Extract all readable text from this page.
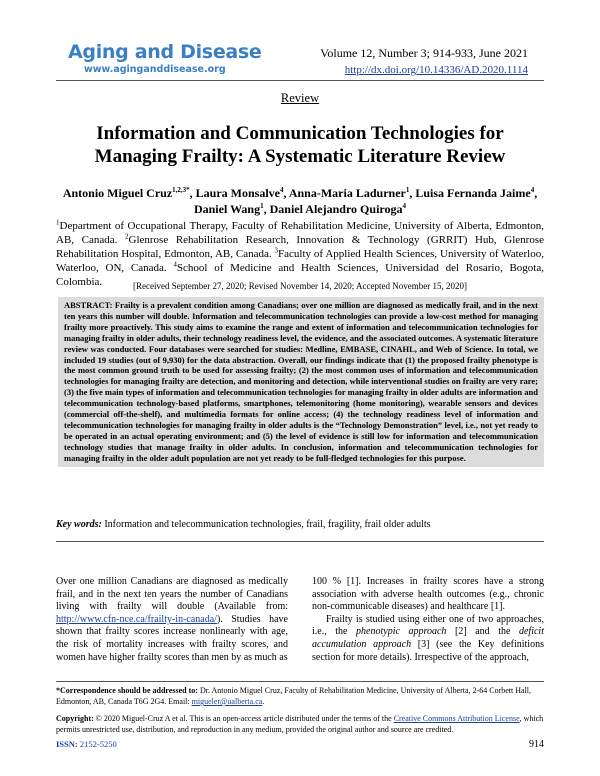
Aging and Disease
www.aginganddisease.org
Volume 12, Number 3; 914-933, June 2021
http://dx.doi.org/10.14336/AD.2020.1114
Review
Information and Communication Technologies for Managing Frailty: A Systematic Literature Review
Antonio Miguel Cruz$^{1,2,3*}$, Laura Monsalve$^4$, Anna-Maria Ladurner$^1$, Luisa Fernanda Jaime$^4$, Daniel Wang$^1$, Daniel Alejandro Quiroga$^4$
$^1$Department of Occupational Therapy, Faculty of Rehabilitation Medicine, University of Alberta, Edmonton, AB, Canada. $^2$Glenrose Rehabilitation Research, Innovation & Technology (GRRIT) Hub, Glenrose Rehabilitation Hospital, Edmonton, AB, Canada. $^3$Faculty of Applied Health Sciences, University of Waterloo, Waterloo, ON, Canada. $^4$School of Medicine and Health Sciences, Universidad del Rosario, Bogota, Colombia.	[Received September 27, 2020; Revised November 14, 2020; Accepted November 15, 2020]
ABSTRACT: Frailty is a prevalent condition among Canadians; over one million are diagnosed as medically frail, and in the next ten years this number will double. Information and telecommunication technologies can provide a low-cost method for managing frailty more proactively. This study aims to examine the range and extent of information and telecommunication technologies for managing frailty in older adults, their technology readiness level, the evidence, and the associated outcomes. A systematic literature review was conducted. Four databases were searched for studies: Medline, EMBASE, CINAHL, and Web of Science. In total, we included 19 studies (out of 9,930) for the data abstraction. Overall, our findings indicate that (1) the proposed frailty phenotype is the most common ground truth to be used for assessing frailty; (2) the most common uses of information and telecommunication technologies for managing frailty are detection, and monitoring and detection, while interventional studies on frailty are very rare; (3) the five main types of information and telecommunication technologies for managing frailty in older adults are information and telecommunication technology-based platforms, smartphones, telemonitoring (home monitoring), wearable sensors and devices (commercial off-the-shelf), and multimedia formats for online access; (4) the technology readiness level of information and telecommunication technologies for managing frailty in older adults is the “Technology Demonstration” level, i.e., not yet ready to be operated in an actual operating environment; and (5) the level of evidence is still low for information and telecommunication technology studies that manage frailty in older adults. In conclusion, information and telecommunication technologies for managing frailty in the older adult population are not yet ready to be full-fledged technologies for this purpose.
Key words: Information and telecommunication technologies, frail, fragility, frail older adults

Over one million Canadians are diagnosed as medically frail, and in the next ten years the number of Canadians living with frailty will double (Available from: http://www.cfn-nce.ca/frailty-in-canada/). Studies have shown that frailty scores increase nonlinearly with age, the risk of mortality increases with frailty scores, and women have higher frailty scores than men by as much as

100 % [1]. Increases in frailty scores have a strong association with adverse health outcomes (e.g., chronic non-communicable diseases) and healthcare [1].

Frailty is studied using either one of two approaches, i.e., the phenotypic approach [2] and the deficit accumulation approach [3] (see the Key definitions section for more details). Irrespective of the approach,

*Correspondence should be addressed to: Dr. Antonio Miguel Cruz, Faculty of Rehabilitation Medicine, University of Alberta, 2-64 Corbett Hall, Edmonton, AB, Canada T6G 2G4. Email: migueler@ualberta.ca.
Copyright: © 2020 Miguel-Cruz A et al. This is an open-access article distributed under the terms of the Creative Commons Attribution License, which permits unrestricted use, distribution, and reproduction in any medium, provided the original author and source are credited.
ISSN: 2152-5250	914
